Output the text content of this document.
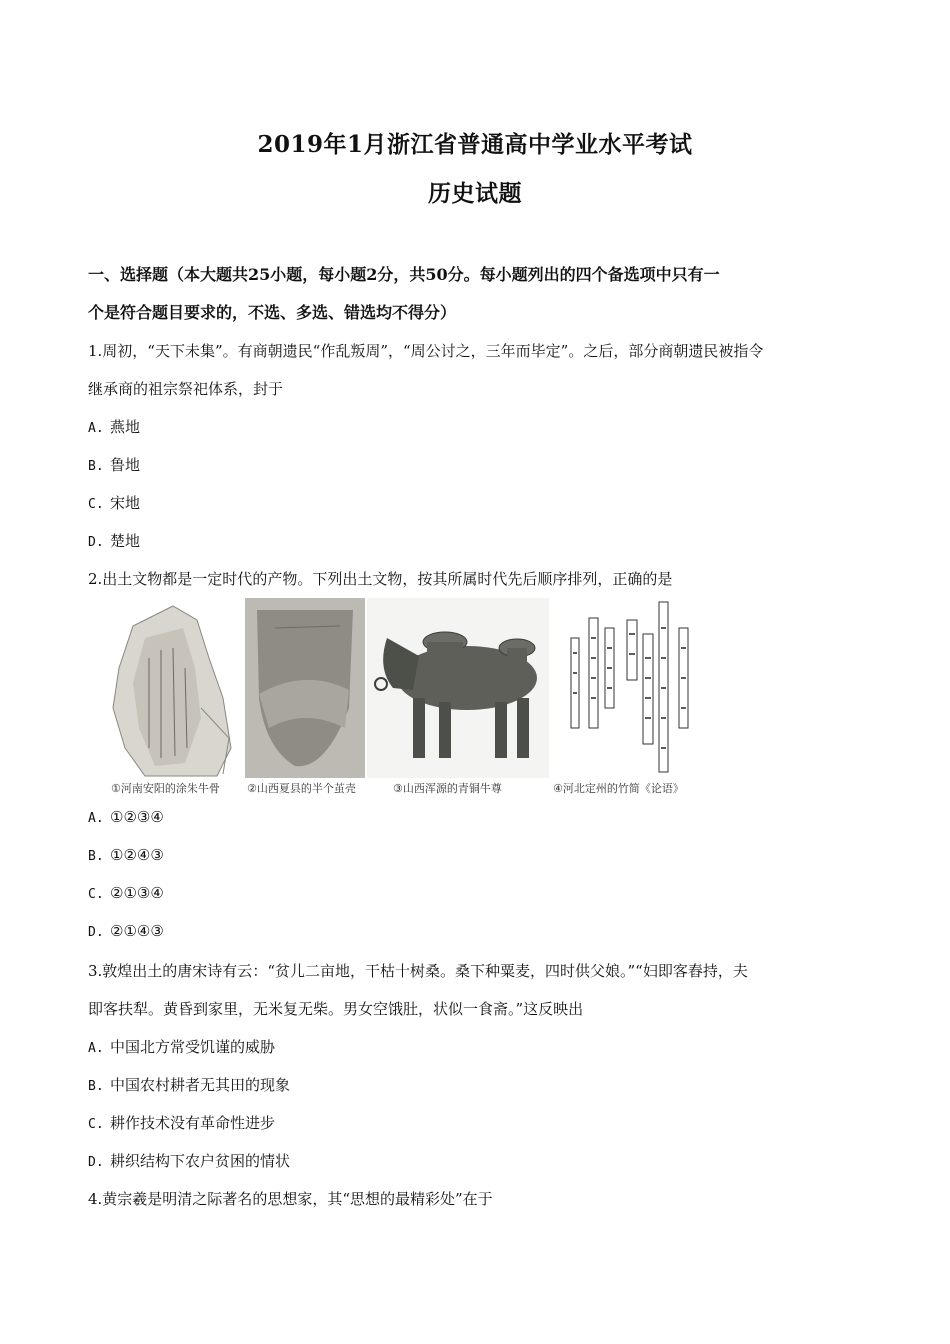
2019年1月浙江省普通高中学业水平考试
历史试题
一、选择题（本大题共25小题，每小题2分，共50分。每小题列出的四个备选项中只有一
个是符合题目要求的，不选、多选、错选均不得分）
1.周初，“天下未集”。有商朝遗民“作乱叛周”，“周公讨之，三年而毕定”。之后，部分商朝遗民被指令
继承商的祖宗祭祀体系，封于
A. 燕地
B. 鲁地
C. 宋地
D. 楚地
2.出土文物都是一定时代的产物。下列出土文物，按其所属时代先后顺序排列，正确的是
①河南安阳的涂朱牛骨 ②山西夏县的半个茧壳	③山西浑源的青铜牛尊	④河北定州的竹简《论语》
A. ①②③④
B. ①②④③
C. ②①③④
D. ②①④③
3.敦煌出土的唐宋诗有云：“贫儿二亩地，干枯十树桑。桑下种粟麦，四时供父娘。”“妇即客舂持，夫
即客扶犁。黄昏到家里，无米复无柴。男女空饿肚，状似一食斋。”这反映出
A. 中国北方常受饥谨的威胁
B. 中国农村耕者无其田的现象
C. 耕作技术没有革命性进步
D. 耕织结构下农户贫困的情状
4.黄宗羲是明清之际著名的思想家，其“思想的最精彩处”在于
